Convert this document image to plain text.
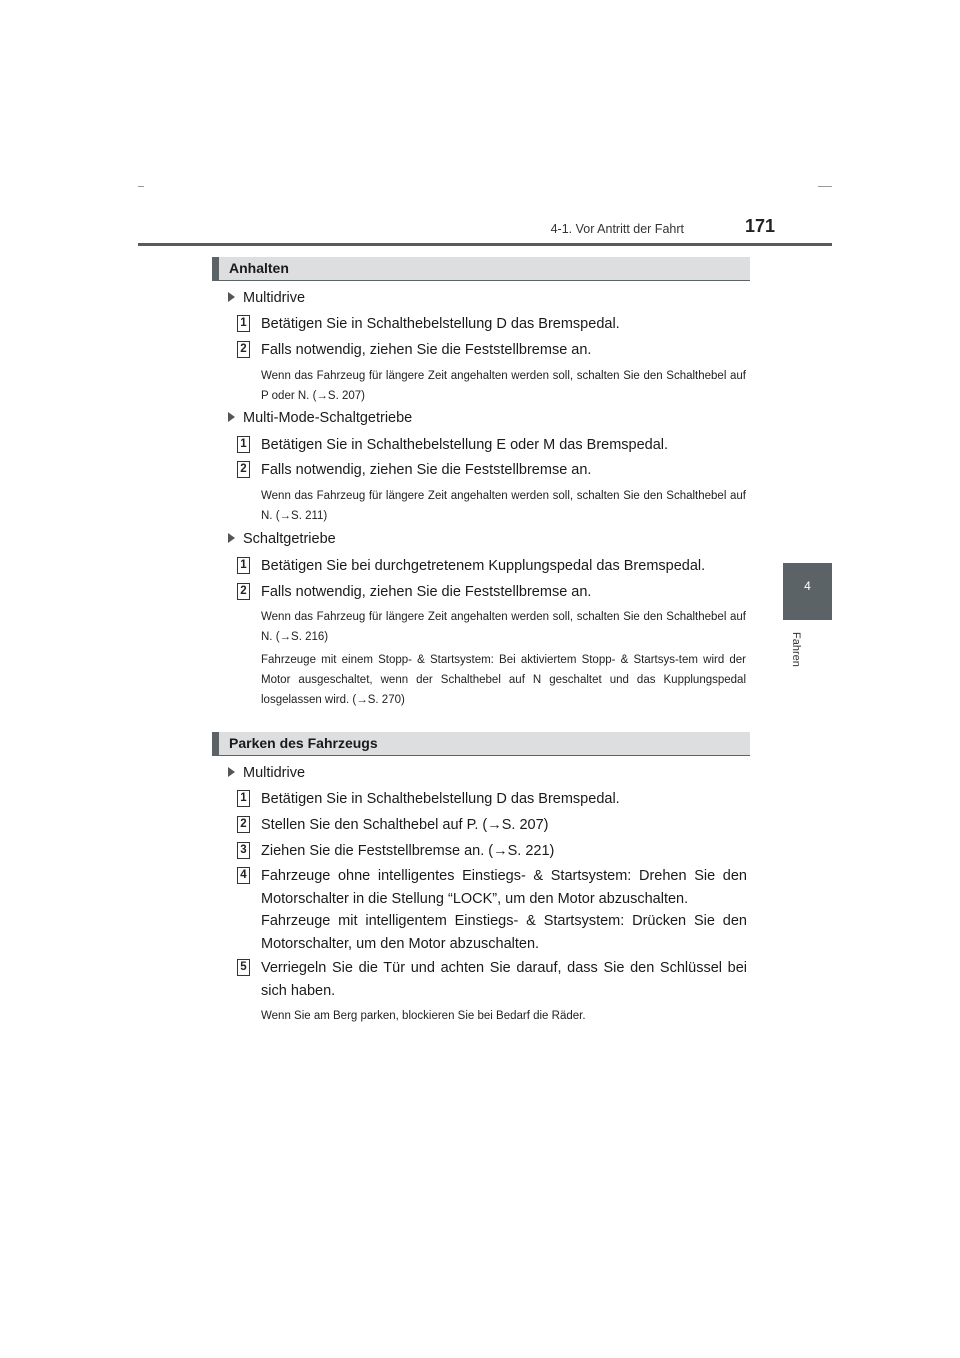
4-1. Vor Antritt der Fahrt	171
4
Fahren
Anhalten
Multidrive
1 Betätigen Sie in Schalthebelstellung D das Bremspedal.
2 Falls notwendig, ziehen Sie die Feststellbremse an.
Wenn das Fahrzeug für längere Zeit angehalten werden soll, schalten Sie den Schalthebel auf P oder N. (→S. 207)
Multi-Mode-Schaltgetriebe
1 Betätigen Sie in Schalthebelstellung E oder M das Bremspedal.
2 Falls notwendig, ziehen Sie die Feststellbremse an.
Wenn das Fahrzeug für längere Zeit angehalten werden soll, schalten Sie den Schalthebel auf N. (→S. 211)
Schaltgetriebe
1 Betätigen Sie bei durchgetretenem Kupplungspedal das Bremspedal.
2 Falls notwendig, ziehen Sie die Feststellbremse an.
Wenn das Fahrzeug für längere Zeit angehalten werden soll, schalten Sie den Schalthebel auf N. (→S. 216)
Fahrzeuge mit einem Stopp- & Startsystem: Bei aktiviertem Stopp- & Startsys-tem wird der Motor ausgeschaltet, wenn der Schalthebel auf N geschaltet und das Kupplungspedal losgelassen wird. (→S. 270)
Parken des Fahrzeugs
Multidrive
1 Betätigen Sie in Schalthebelstellung D das Bremspedal.
2 Stellen Sie den Schalthebel auf P. (→S. 207)
3 Ziehen Sie die Feststellbremse an. (→S. 221)
4 Fahrzeuge ohne intelligentes Einstiegs- & Startsystem: Drehen Sie den Motorschalter in die Stellung “LOCK”, um den Motor abzuschalten.
Fahrzeuge mit intelligentem Einstiegs- & Startsystem: Drücken Sie den Motorschalter, um den Motor abzuschalten.
5 Verriegeln Sie die Tür und achten Sie darauf, dass Sie den Schlüssel bei sich haben.
Wenn Sie am Berg parken, blockieren Sie bei Bedarf die Räder.
